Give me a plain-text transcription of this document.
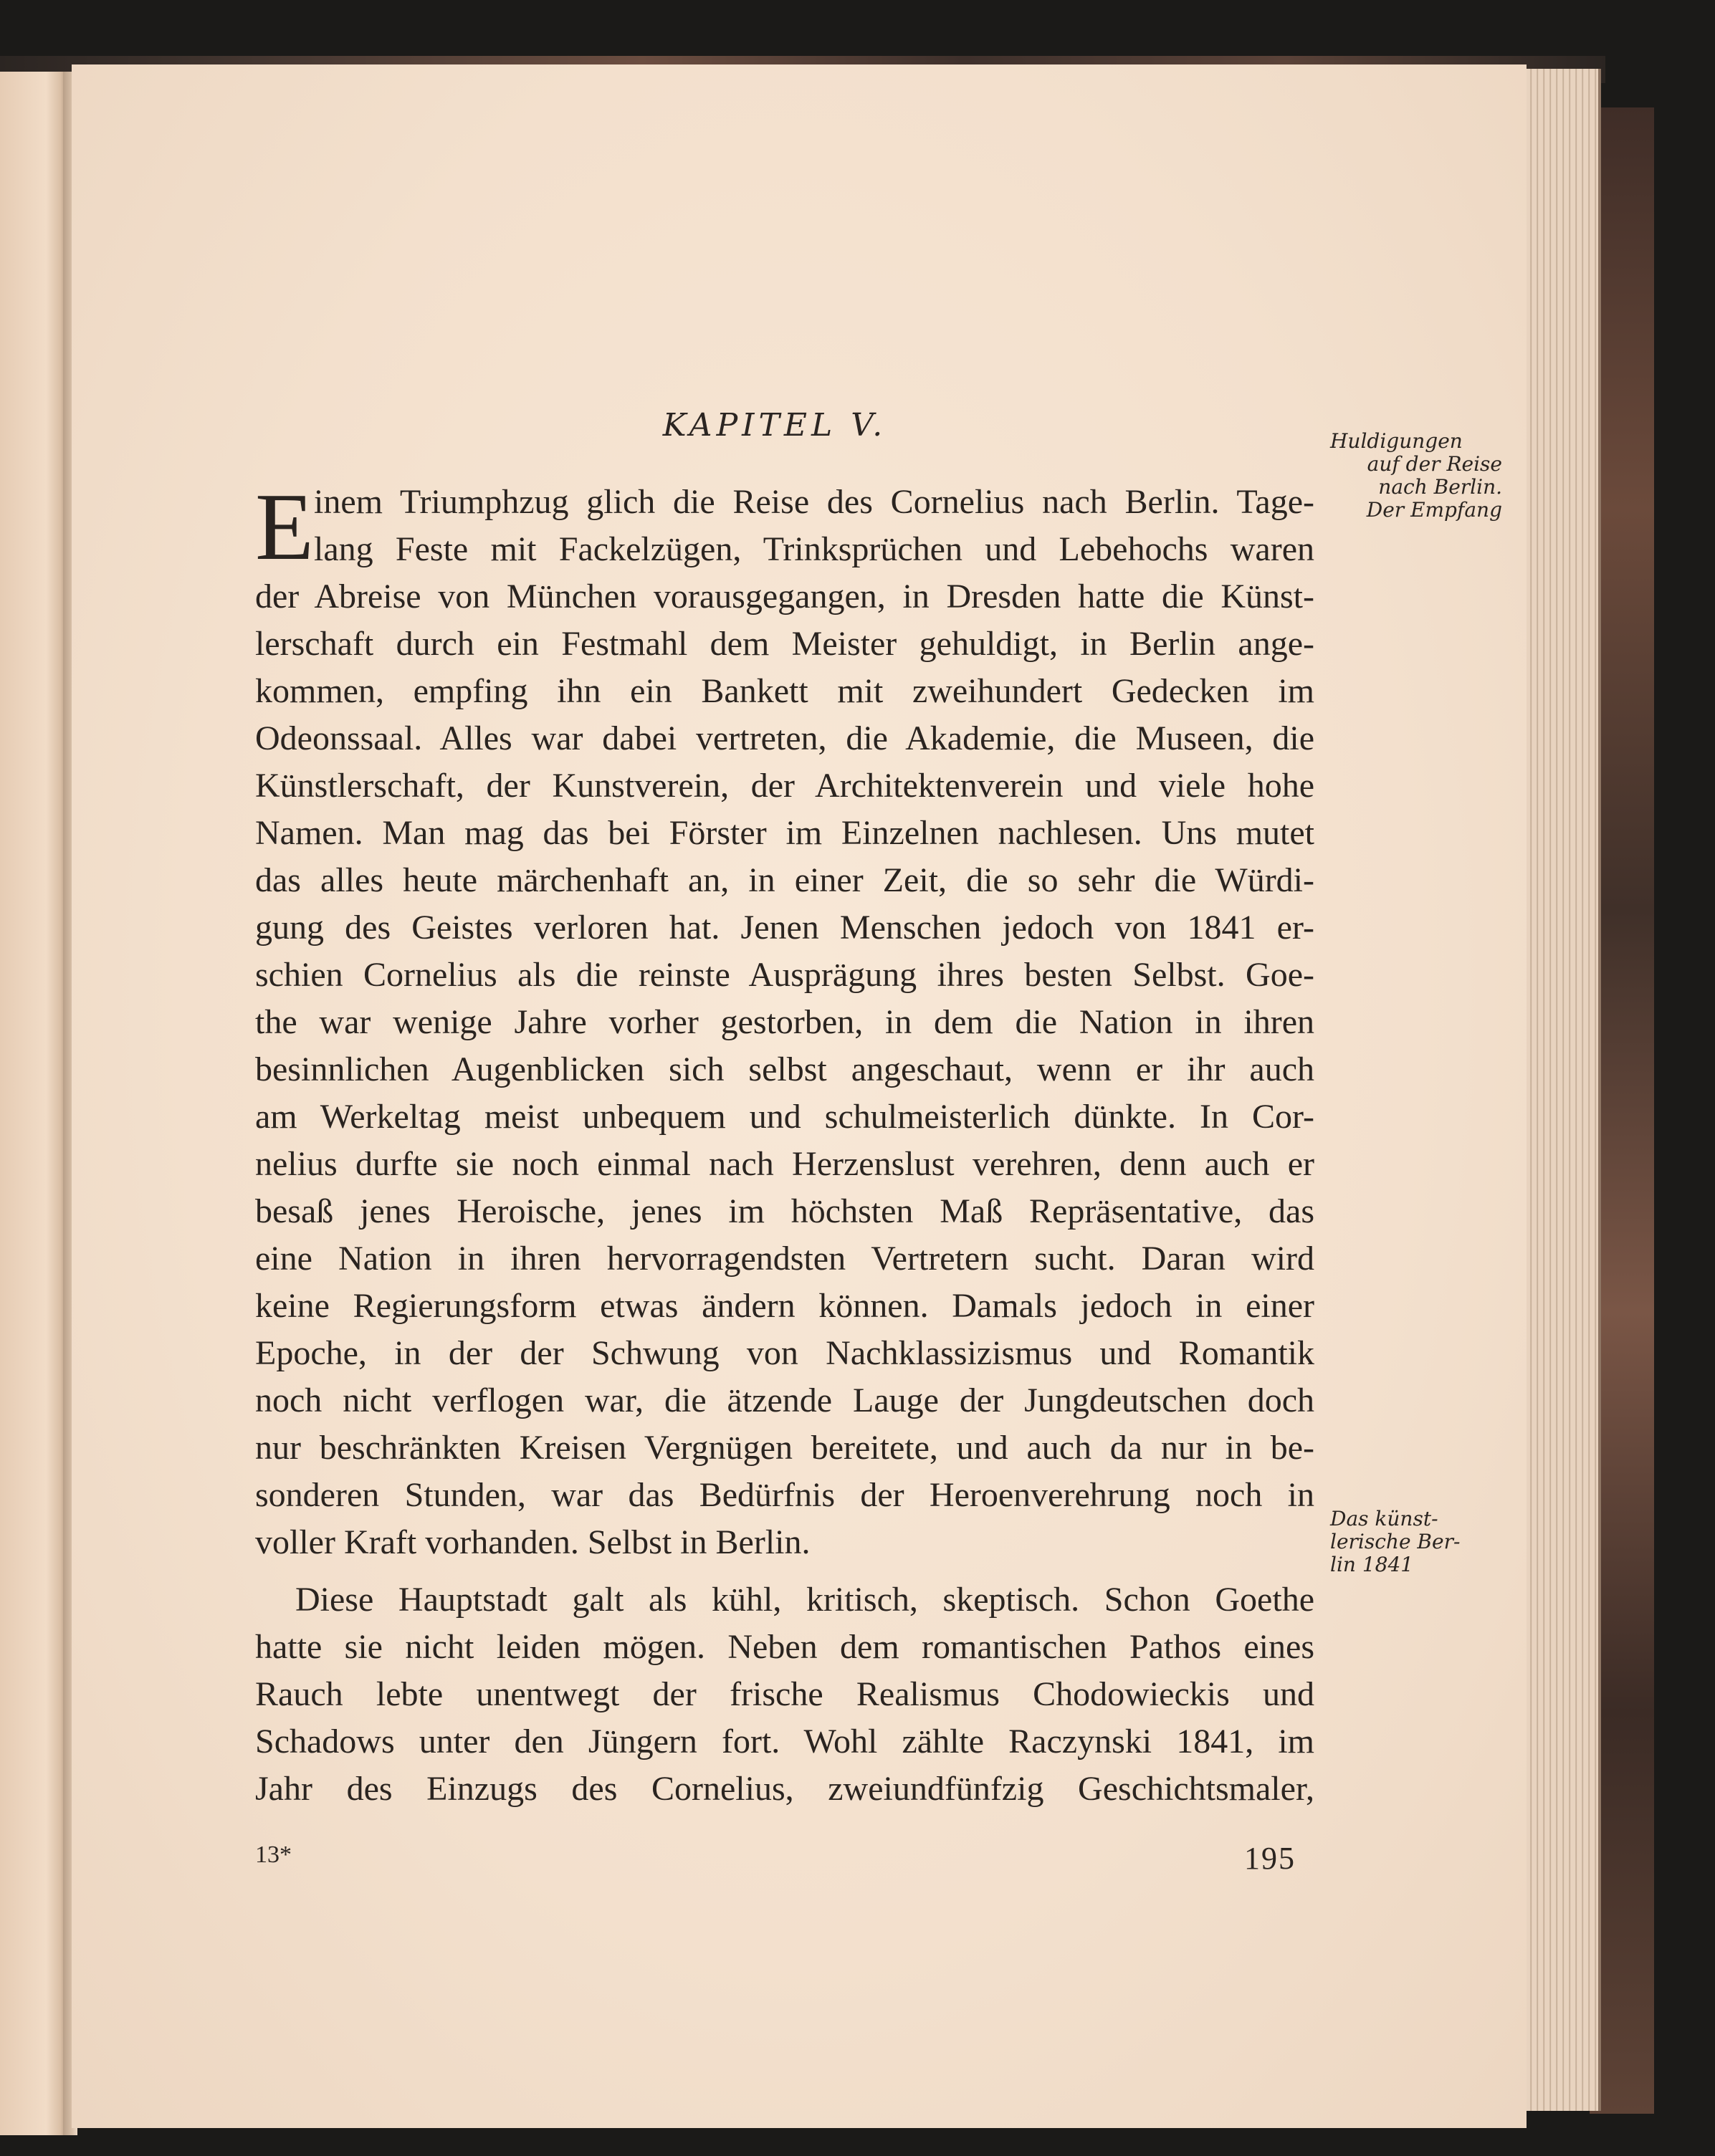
KAPITEL V.
E inem Triumphzug glich die Reise des Cornelius nach Berlin. Tage-
lang Feste mit Fackelzügen, Trinksprüchen und Lebehochs waren
der Abreise von München vorausgegangen, in Dresden hatte die Künst-
lerschaft durch ein Festmahl dem Meister gehuldigt, in Berlin ange-
kommen, empfing ihn ein Bankett mit zweihundert Gedecken im
Odeonssaal. Alles war dabei vertreten, die Akademie, die Museen, die
Künstlerschaft, der Kunstverein, der Architektenverein und viele hohe
Namen. Man mag das bei Förster im Einzelnen nachlesen. Uns mutet
das alles heute märchenhaft an, in einer Zeit, die so sehr die Würdi-
gung des Geistes verloren hat. Jenen Menschen jedoch von 1841 er-
schien Cornelius als die reinste Ausprägung ihres besten Selbst. Goe-
the war wenige Jahre vorher gestorben, in dem die Nation in ihren
besinnlichen Augenblicken sich selbst angeschaut, wenn er ihr auch
am Werkeltag meist unbequem und schulmeisterlich dünkte. In Cor-
nelius durfte sie noch einmal nach Herzenslust verehren, denn auch er
besaß jenes Heroische, jenes im höchsten Maß Repräsentative, das
eine Nation in ihren hervorragendsten Vertretern sucht. Daran wird
keine Regierungsform etwas ändern können. Damals jedoch in einer
Epoche, in der der Schwung von Nachklassizismus und Romantik
noch nicht verflogen war, die ätzende Lauge der Jungdeutschen doch
nur beschränkten Kreisen Vergnügen bereitete, und auch da nur in be-
sonderen Stunden, war das Bedürfnis der Heroenverehrung noch in
voller Kraft vorhanden. Selbst in Berlin.
Diese Hauptstadt galt als kühl, kritisch, skeptisch. Schon Goethe
hatte sie nicht leiden mögen. Neben dem romantischen Pathos eines
Rauch lebte unentwegt der frische Realismus Chodowieckis und
Schadows unter den Jüngern fort. Wohl zählte Raczynski 1841, im
Jahr des Einzugs des Cornelius, zweiundfünfzig Geschichtsmaler,
Huldigungen
auf der Reise
nach Berlin.
Der Empfang
Das künst-
lerische Ber-
lin 1841
13*	195
